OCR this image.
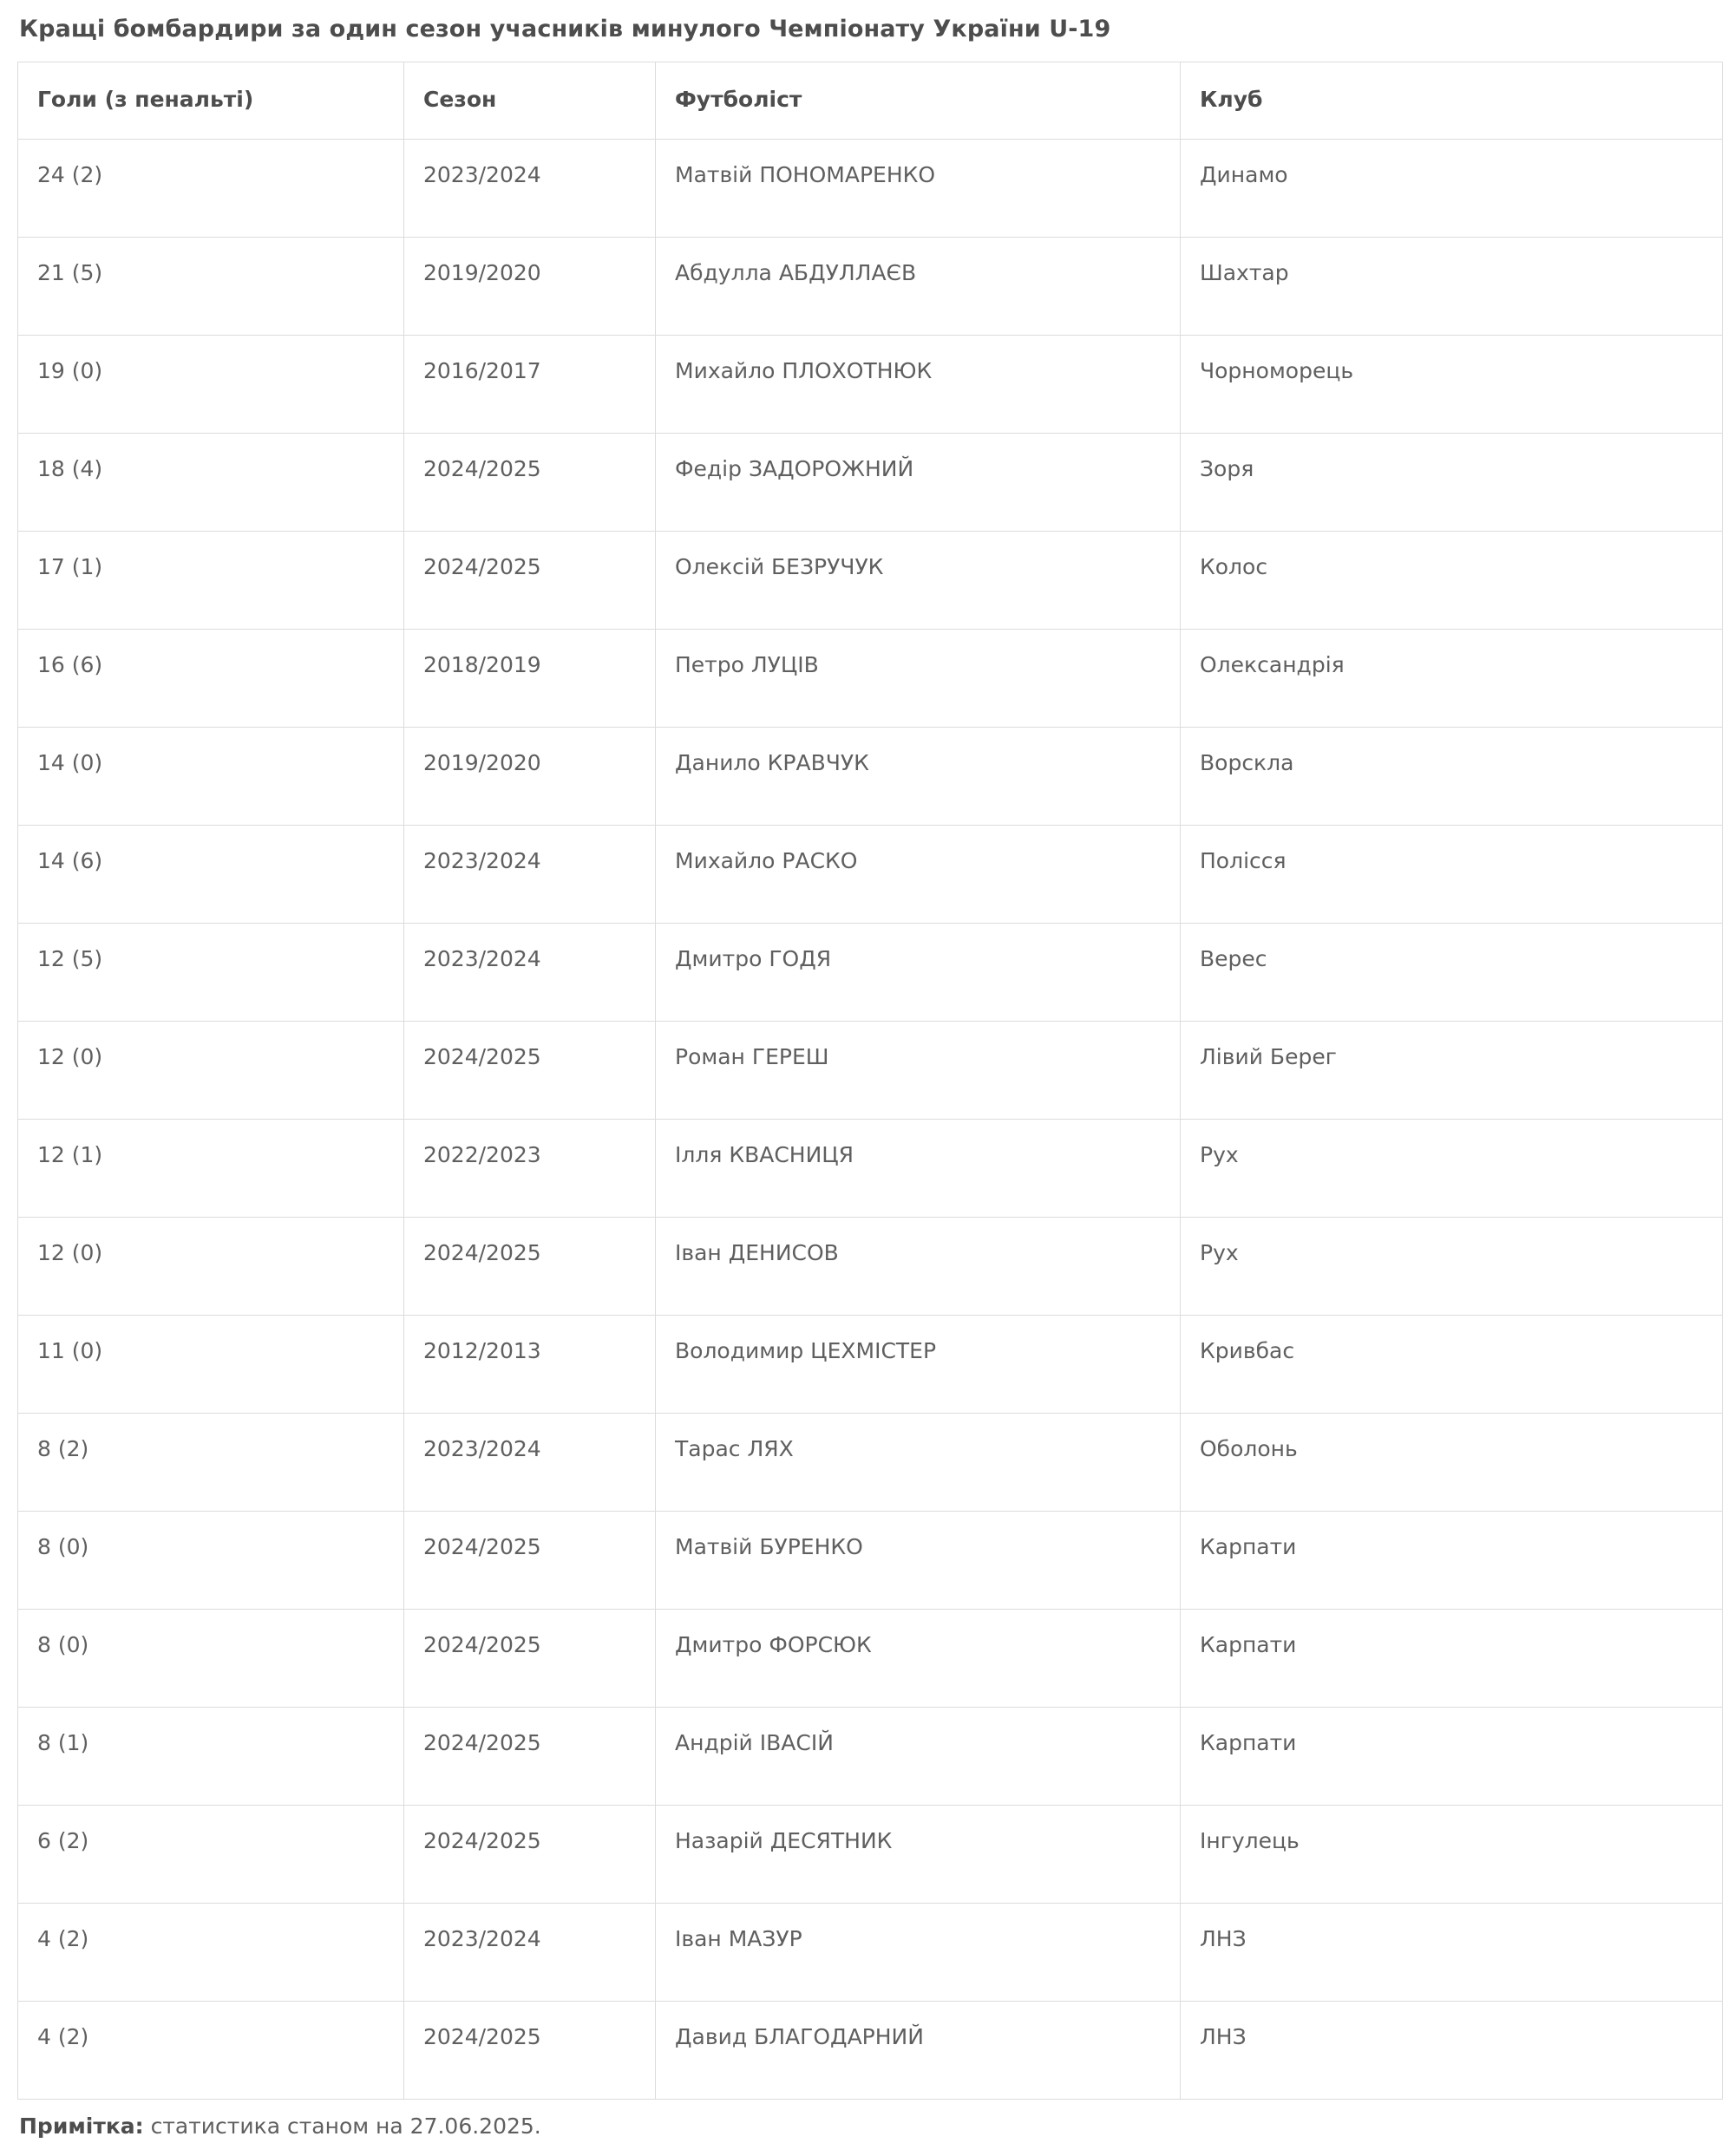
Кращі бомбардири за один сезон учасників минулого Чемпіонату України U-19
Голи (з пенальті)	Сезон	Футболіст	Клуб
24 (2)	2023/2024	Матвій ПОНОМАРЕНКО	Динамо
21 (5)	2019/2020	Абдулла АБДУЛЛАЄВ	Шахтар
19 (0)	2016/2017	Михайло ПЛОХОТНЮК	Чорноморець
18 (4)	2024/2025	Федір ЗАДОРОЖНИЙ	Зоря
17 (1)	2024/2025	Олексій БЕЗРУЧУК	Колос
16 (6)	2018/2019	Петро ЛУЦІВ	Олександрія
14 (0)	2019/2020	Данило КРАВЧУК	Ворскла
14 (6)	2023/2024	Михайло РАСКО	Полісся
12 (5)	2023/2024	Дмитро ГОДЯ	Верес
12 (0)	2024/2025	Роман ГЕРЕШ	Лівий Берег
12 (1)	2022/2023	Ілля КВАСНИЦЯ	Рух
12 (0)	2024/2025	Іван ДЕНИСОВ	Рух
11 (0)	2012/2013	Володимир ЦЕХМІСТЕР	Кривбас
8 (2)	2023/2024	Тарас ЛЯХ	Оболонь
8 (0)	2024/2025	Матвій БУРЕНКО	Карпати
8 (0)	2024/2025	Дмитро ФОРСЮК	Карпати
8 (1)	2024/2025	Андрій ІВАСІЙ	Карпати
6 (2)	2024/2025	Назарій ДЕСЯТНИК	Інгулець
4 (2)	2023/2024	Іван МАЗУР	ЛНЗ
4 (2)	2024/2025	Давид БЛАГОДАРНИЙ	ЛНЗ
Примітка: статистика станом на 27.06.2025.
